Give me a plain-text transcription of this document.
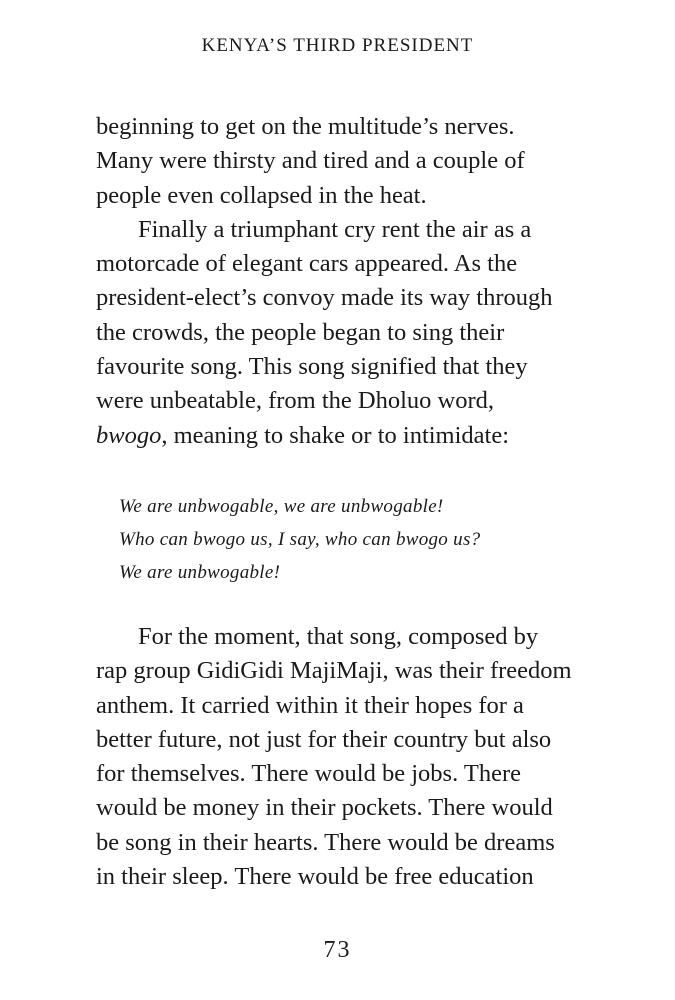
KENYA’S THIRD PRESIDENT
beginning to get on the multitude’s nerves.
Many were thirsty and tired and a couple of
people even collapsed in the heat.
Finally a triumphant cry rent the air as a
motorcade of elegant cars appeared. As the
president-elect’s convoy made its way through
the crowds, the people began to sing their
favourite song. This song signified that they
were unbeatable, from the Dholuo word,
bwogo, meaning to shake or to intimidate:
We are unbwogable, we are unbwogable!
Who can bwogo us, I say, who can bwogo us?
We are unbwogable!
For the moment, that song, composed by
rap group GidiGidi MajiMaji, was their freedom
anthem. It carried within it their hopes for a
better future, not just for their country but also
for themselves. There would be jobs. There
would be money in their pockets. There would
be song in their hearts. There would be dreams
in their sleep. There would be free education
73
